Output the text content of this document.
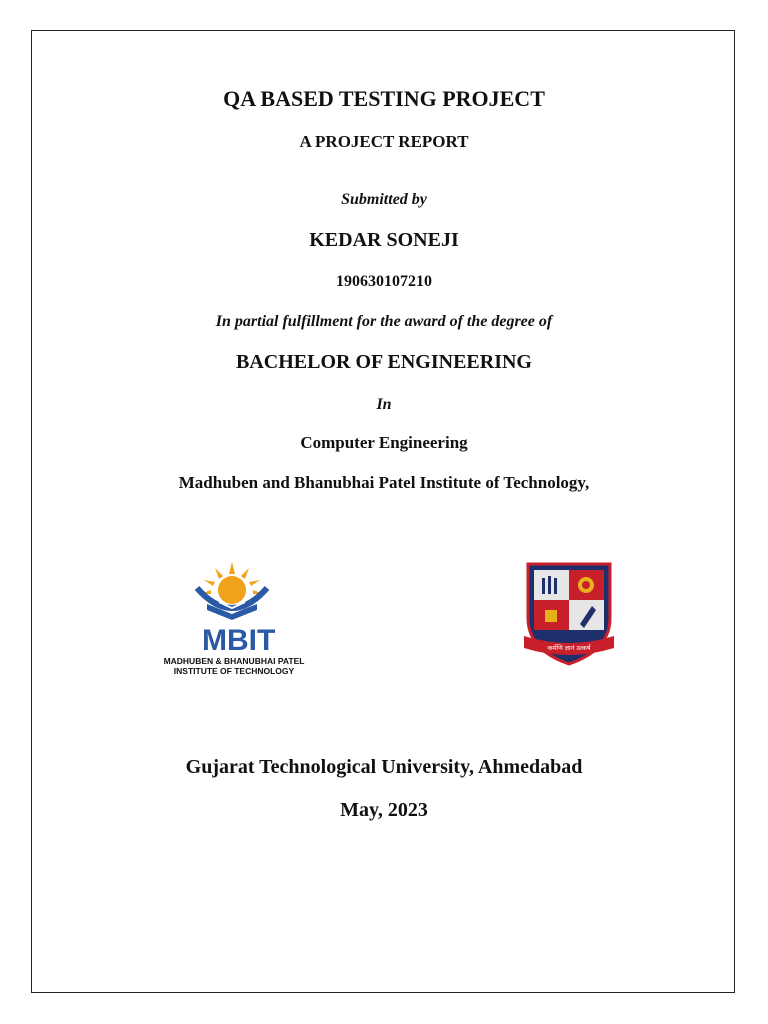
QA BASED TESTING PROJECT
A PROJECT REPORT
Submitted by
KEDAR SONEJI
190630107210
In partial fulfillment for the award of the degree of
BACHELOR OF ENGINEERING
In
Computer Engineering
Madhuben and Bhanubhai Patel Institute of Technology,
MBIT
MADHUBEN & BHANUBHAI PATEL
INSTITUTE OF TECHNOLOGY
कर्मणि ज्ञानं उत्कर्ष
Gujarat Technological University, Ahmedabad
May, 2023
